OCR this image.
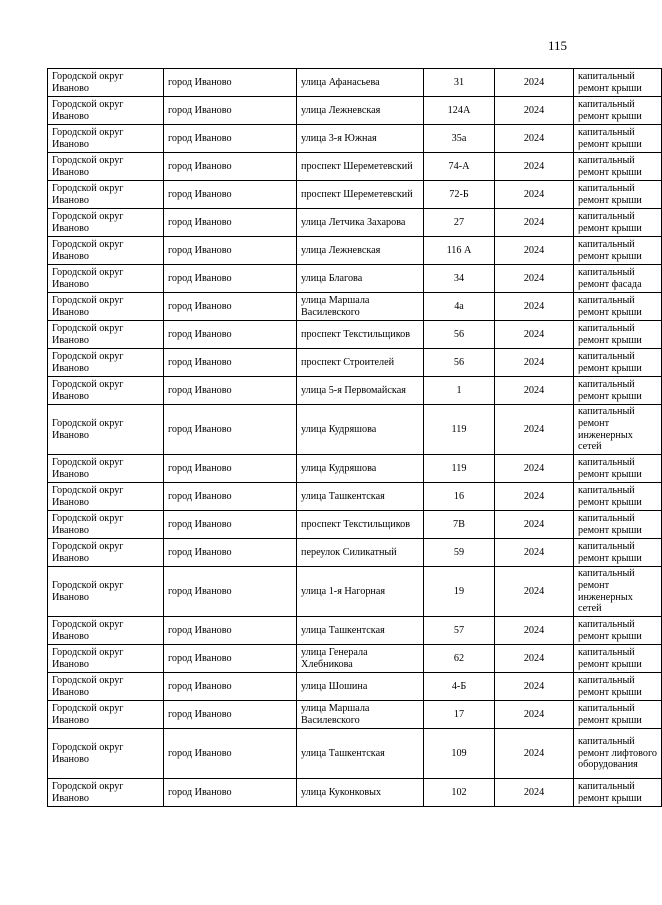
115
Городской округ Иваново	город Иваново	улица Афанасьева	31	2024	капитальный ремонт крыши
Городской округ Иваново	город Иваново	улица Лежневская	124А	2024	капитальный ремонт крыши
Городской округ Иваново	город Иваново	улица 3-я Южная	35а	2024	капитальный ремонт крыши
Городской округ Иваново	город Иваново	проспект Шереметевский	74-А	2024	капитальный ремонт крыши
Городской округ Иваново	город Иваново	проспект Шереметевский	72-Б	2024	капитальный ремонт крыши
Городской округ Иваново	город Иваново	улица Летчика Захарова	27	2024	капитальный ремонт крыши
Городской округ Иваново	город Иваново	улица Лежневская	116 А	2024	капитальный ремонт крыши
Городской округ Иваново	город Иваново	улица Благова	34	2024	капитальный ремонт фасада
Городской округ Иваново	город Иваново	улица Маршала Василевского	4а	2024	капитальный ремонт крыши
Городской округ Иваново	город Иваново	проспект Текстильщиков	56	2024	капитальный ремонт крыши
Городской округ Иваново	город Иваново	проспект Строителей	56	2024	капитальный ремонт крыши
Городской округ Иваново	город Иваново	улица 5-я Первомайская	1	2024	капитальный ремонт крыши
Городской округ Иваново	город Иваново	улица Кудряшова	119	2024	капитальный ремонт инженерных сетей
Городской округ Иваново	город Иваново	улица Кудряшова	119	2024	капитальный ремонт крыши
Городской округ Иваново	город Иваново	улица Ташкентская	16	2024	капитальный ремонт крыши
Городской округ Иваново	город Иваново	проспект Текстильщиков	7В	2024	капитальный ремонт крыши
Городской округ Иваново	город Иваново	переулок Силикатный	59	2024	капитальный ремонт крыши
Городской округ Иваново	город Иваново	улица 1-я Нагорная	19	2024	капитальный ремонт инженерных сетей
Городской округ Иваново	город Иваново	улица Ташкентская	57	2024	капитальный ремонт крыши
Городской округ Иваново	город Иваново	улица Генерала Хлебникова	62	2024	капитальный ремонт крыши
Городской округ Иваново	город Иваново	улица Шошина	4-Б	2024	капитальный ремонт крыши
Городской округ Иваново	город Иваново	улица Маршала Василевского	17	2024	капитальный ремонт крыши
Городской округ Иваново	город Иваново	улица Ташкентская	109	2024	капитальный ремонт лифтового оборудования
Городской округ Иваново	город Иваново	улица Куконковых	102	2024	капитальный ремонт крыши
